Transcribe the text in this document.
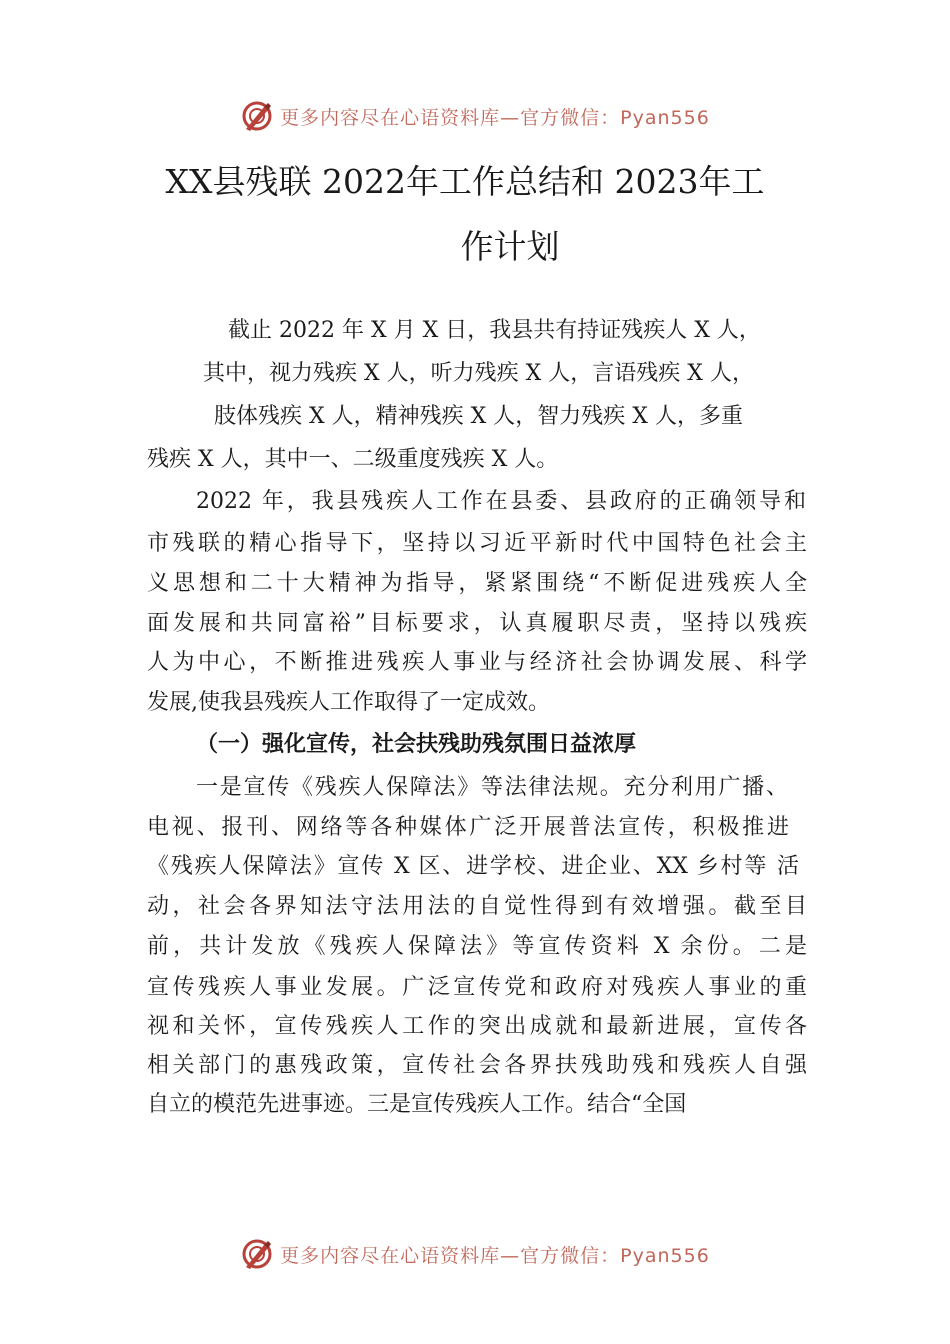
更多内容尽在心语资料库—官方微信：Pyan556
XX县残联 2022年工作总结和 2023年工
作计划
截止 2022 年 X 月 X 日，我县共有持证残疾人 X 人，
其中，视力残疾 X 人，听力残疾 X 人，言语残疾 X 人，
肢体残疾 X 人，精神残疾 X 人，智力残疾 X 人，多重
残疾 X 人，其中一、二级重度残疾 X 人。
2022 年，我县残疾人工作在县委、县政府的正确领导和
市残联的精心指导下，坚持以习近平新时代中国特色社会主
义思想和二十大精神为指导，紧紧围绕“不断促进残疾人全
面发展和共同富裕”目标要求，认真履职尽责，坚持以残疾
人为中心，不断推进残疾人事业与经济社会协调发展、科学
发展,使我县残疾人工作取得了一定成效。
（一）强化宣传，社会扶残助残氛围日益浓厚
一是宣传《残疾人保障法》等法律法规。充分利用广播、
电视、报刊、网络等各种媒体广泛开展普法宣传，积极推进
《残疾人保障法》宣传 X 区、进学校、进企业、XX 乡村等 活
动，社会各界知法守法用法的自觉性得到有效增强。截至目
前，共计发放《残疾人保障法》等宣传资料 X 余份。二是
宣传残疾人事业发展。广泛宣传党和政府对残疾人事业的重
视和关怀，宣传残疾人工作的突出成就和最新进展，宣传各
相关部门的惠残政策，宣传社会各界扶残助残和残疾人自强
自立的模范先进事迹。三是宣传残疾人工作。结合“全国
更多内容尽在心语资料库—官方微信：Pyan556
